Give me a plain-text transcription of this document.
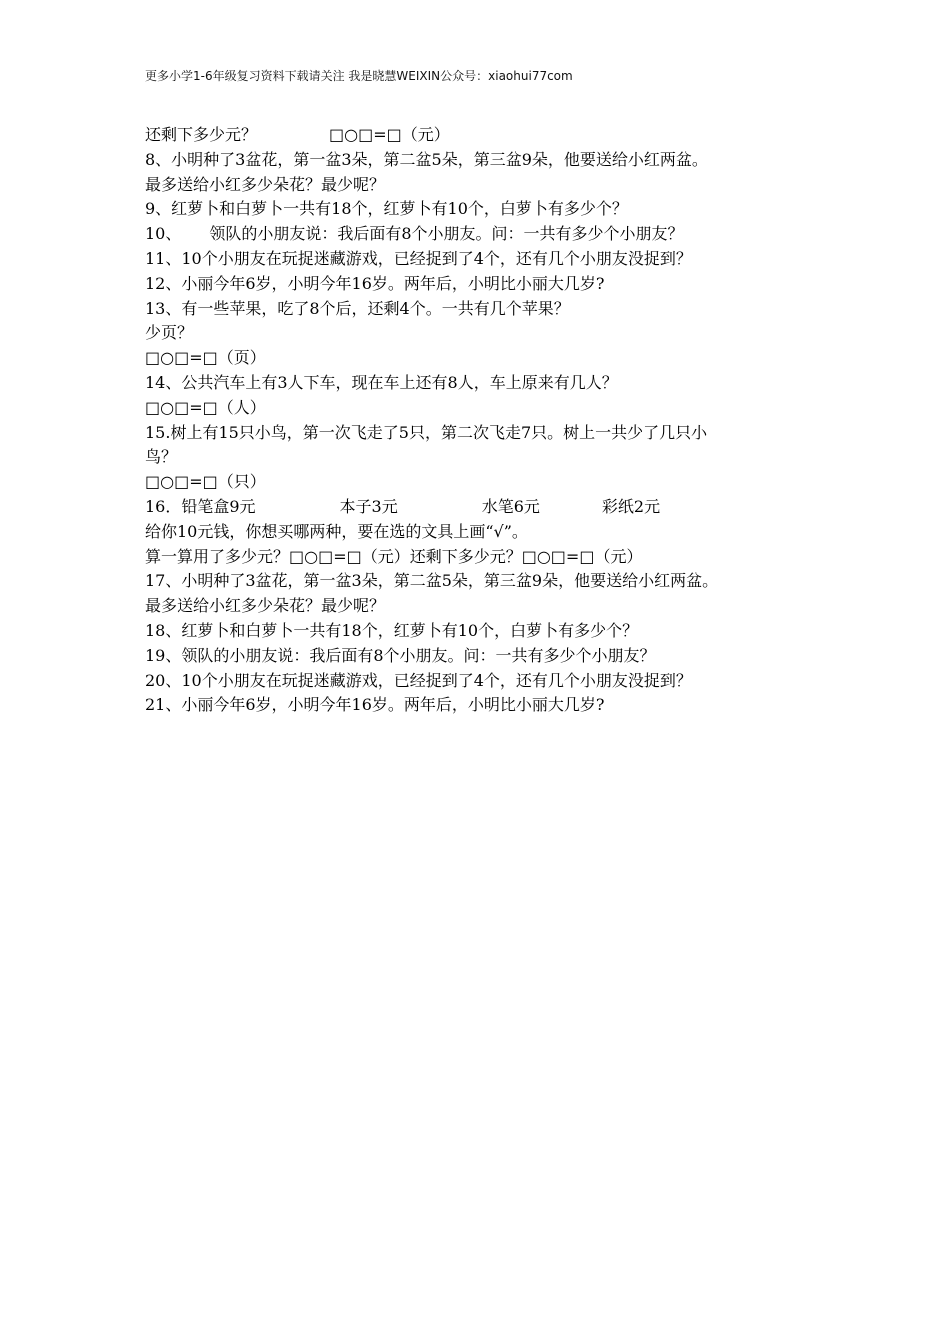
更多小学1-6年级复习资料下载请关注 我是晓慧WEIXIN公众号：xiaohui77com
还剩下多少元？	□○□=□（元）
8、小明种了3盆花，第一盆3朵，第二盆5朵，第三盆9朵，他要送给小红两盆。
最多送给小红多少朵花？最少呢？
9、红萝卜和白萝卜一共有18个，红萝卜有10个，白萝卜有多少个？
10、 领队的小朋友说：我后面有8个小朋友。问：一共有多少个小朋友？
11、10个小朋友在玩捉迷藏游戏，已经捉到了4个，还有几个小朋友没捉到？
12、小丽今年6岁，小明今年16岁。两年后，小明比小丽大几岁?
13、有一些苹果，吃了8个后，还剩4个。一共有几个苹果？
少页？
□○□=□（页）
14、公共汽车上有3人下车，现在车上还有8人，车上原来有几人？
□○□=□（人）
15.树上有15只小鸟，第一次飞走了5只，第二次飞走7只。树上一共少了几只小
鸟？
□○□=□（只）
16．铅笔盒9元	本子3元	水笔6元	彩纸2元
给你10元钱，你想买哪两种，要在选的文具上画“√”。
算一算用了多少元？□○□=□（元）还剩下多少元？□○□=□（元）
17、小明种了3盆花，第一盆3朵，第二盆5朵，第三盆9朵，他要送给小红两盆。
最多送给小红多少朵花？最少呢？
18、红萝卜和白萝卜一共有18个，红萝卜有10个，白萝卜有多少个？
19、领队的小朋友说：我后面有8个小朋友。问：一共有多少个小朋友？
20、10个小朋友在玩捉迷藏游戏，已经捉到了4个，还有几个小朋友没捉到？
21、小丽今年6岁，小明今年16岁。两年后，小明比小丽大几岁?
